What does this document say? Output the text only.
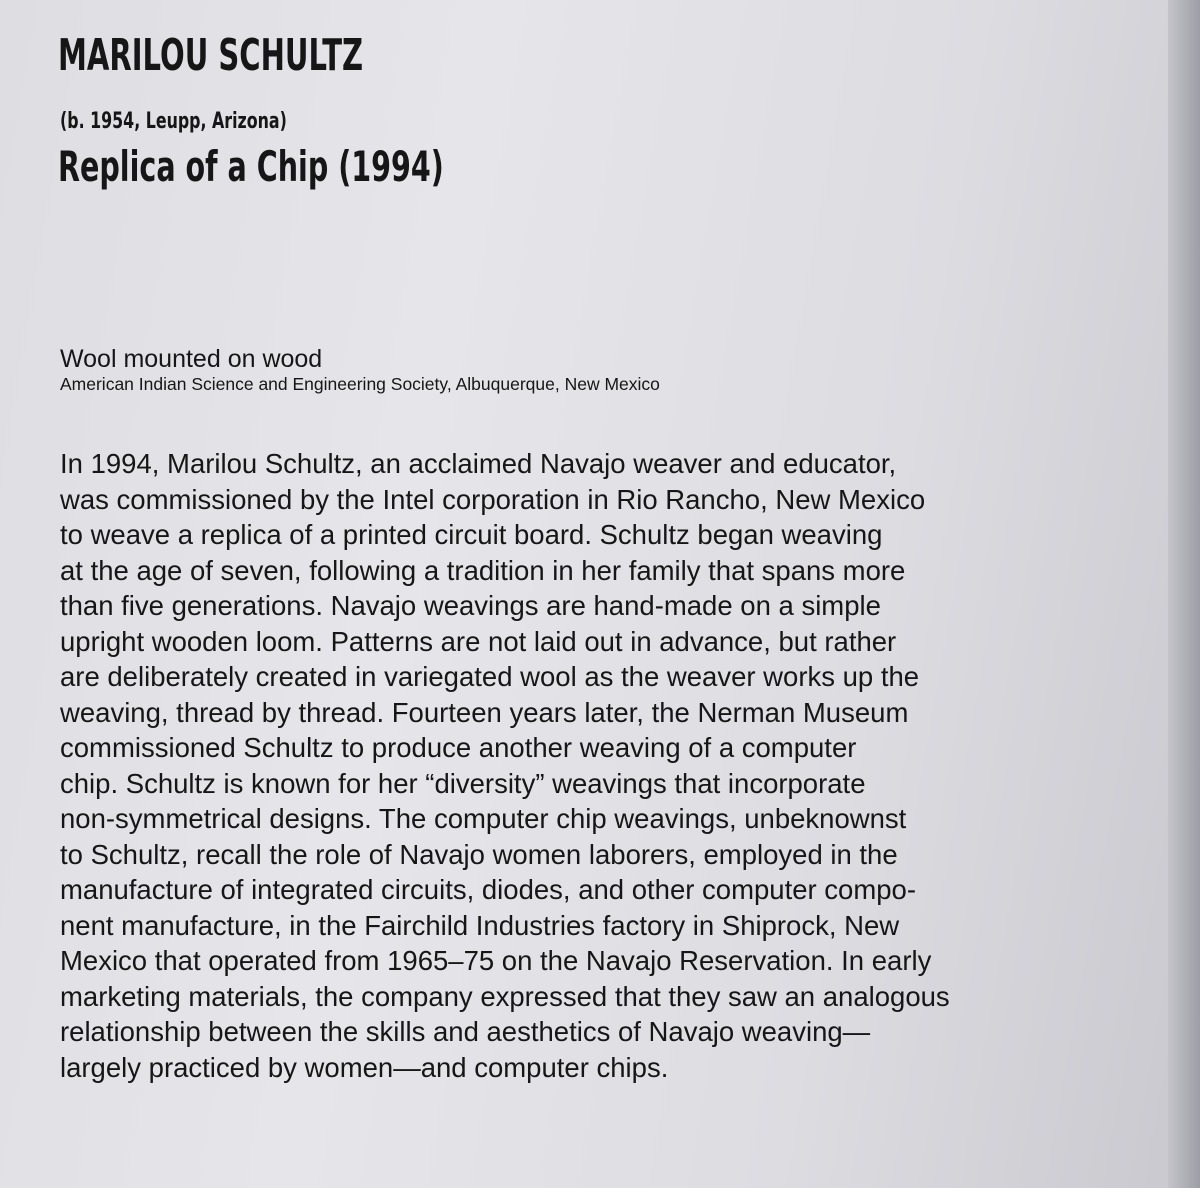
MARILOU SCHULTZ
(b. 1954, Leupp, Arizona)
Replica of a Chip (1994)
Wool mounted on wood
American Indian Science and Engineering Society, Albuquerque, New Mexico
In 1994, Marilou Schultz, an acclaimed Navajo weaver and educator,
was commissioned by the Intel corporation in Rio Rancho, New Mexico
to weave a replica of a printed circuit board. Schultz began weaving
at the age of seven, following a tradition in her family that spans more
than five generations. Navajo weavings are hand-made on a simple
upright wooden loom. Patterns are not laid out in advance, but rather
are deliberately created in variegated wool as the weaver works up the
weaving, thread by thread. Fourteen years later, the Nerman Museum
commissioned Schultz to produce another weaving of a computer
chip. Schultz is known for her “diversity” weavings that incorporate
non-symmetrical designs. The computer chip weavings, unbeknownst
to Schultz, recall the role of Navajo women laborers, employed in the
manufacture of integrated circuits, diodes, and other computer compo-
nent manufacture, in the Fairchild Industries factory in Shiprock, New
Mexico that operated from 1965–75 on the Navajo Reservation. In early
marketing materials, the company expressed that they saw an analogous
relationship between the skills and aesthetics of Navajo weaving—
largely practiced by women—and computer chips.
